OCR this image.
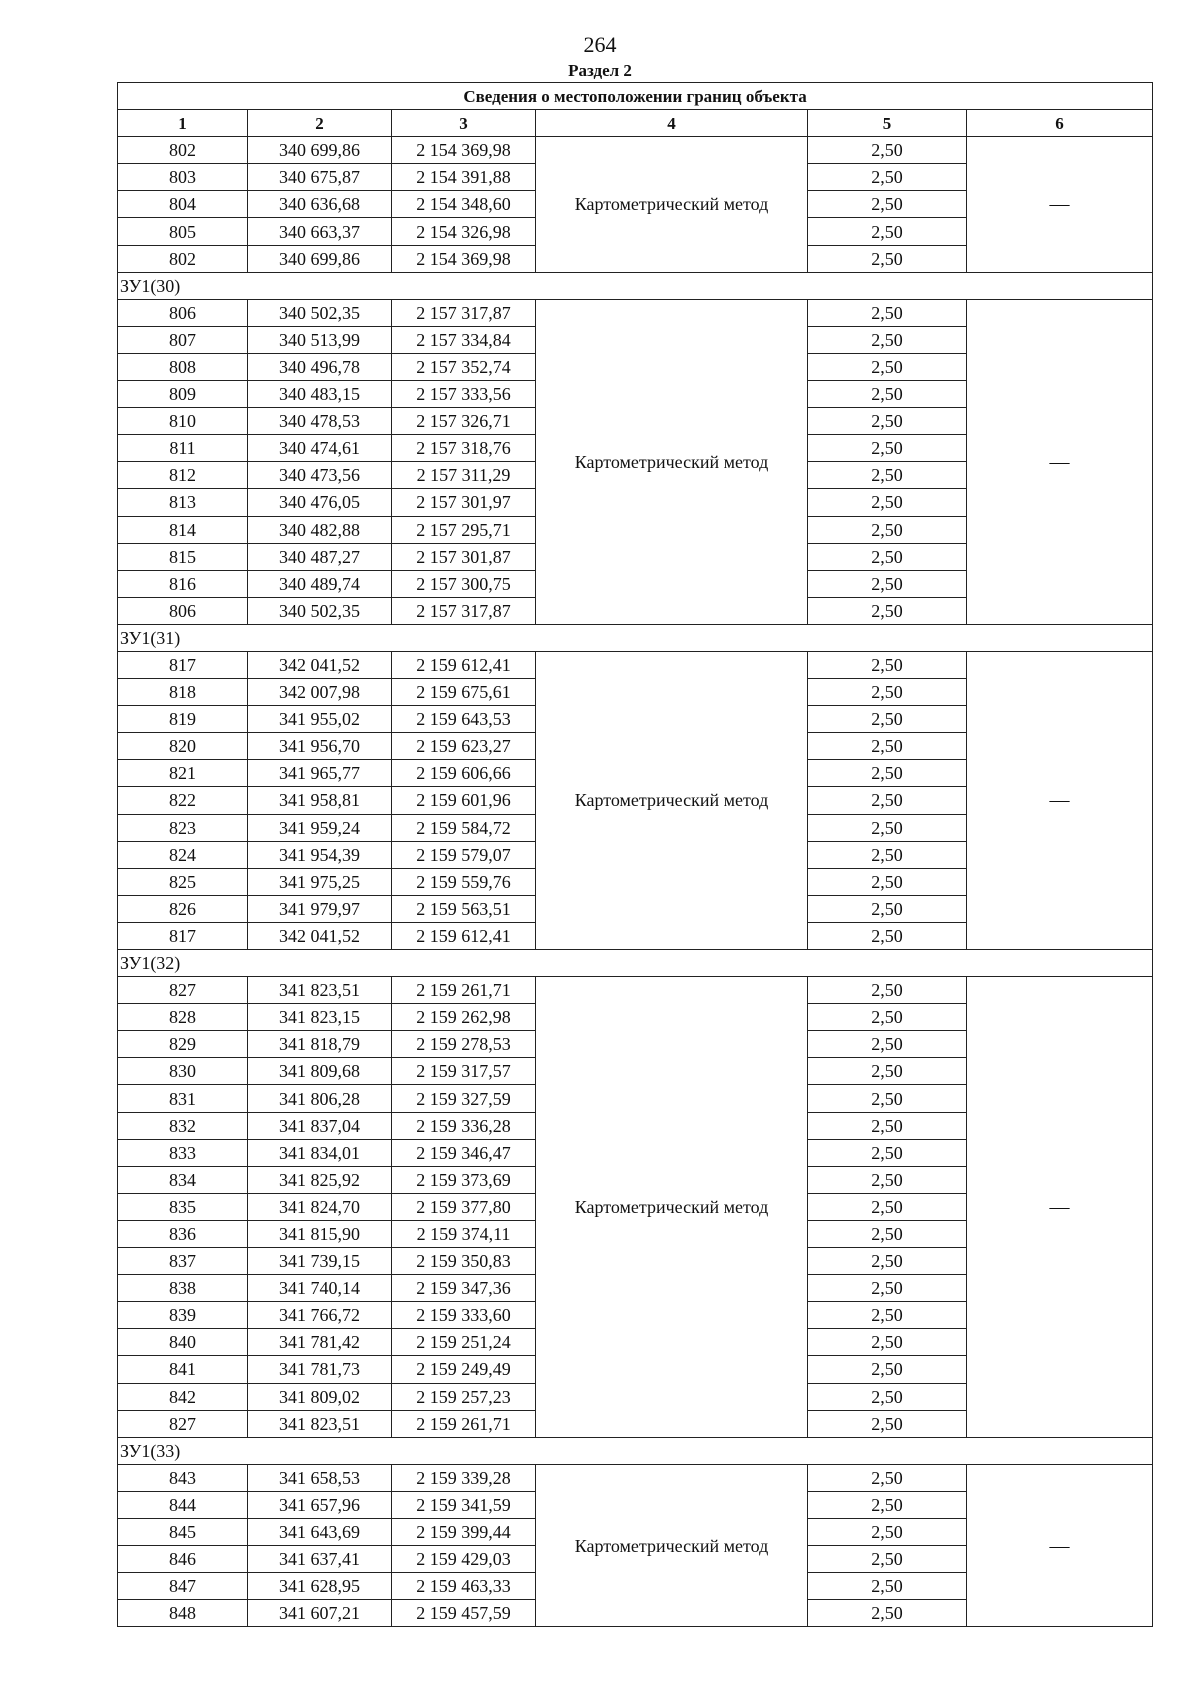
264
Раздел 2
Сведения о местоположении границ объекта					
1	2	3	4	5	6
802	340 699,86	2 154 369,98	Картометрический метод	2,50	—
803	340 675,87	2 154 391,88		2,50	
804	340 636,68	2 154 348,60		2,50	
805	340 663,37	2 154 326,98		2,50	
802	340 699,86	2 154 369,98		2,50	
ЗУ1(30)					
806	340 502,35	2 157 317,87	Картометрический метод	2,50	—
807	340 513,99	2 157 334,84		2,50	
808	340 496,78	2 157 352,74		2,50	
809	340 483,15	2 157 333,56		2,50	
810	340 478,53	2 157 326,71		2,50	
811	340 474,61	2 157 318,76		2,50	
812	340 473,56	2 157 311,29		2,50	
813	340 476,05	2 157 301,97		2,50	
814	340 482,88	2 157 295,71		2,50	
815	340 487,27	2 157 301,87		2,50	
816	340 489,74	2 157 300,75		2,50	
806	340 502,35	2 157 317,87		2,50	
ЗУ1(31)					
817	342 041,52	2 159 612,41	Картометрический метод	2,50	—
818	342 007,98	2 159 675,61		2,50	
819	341 955,02	2 159 643,53		2,50	
820	341 956,70	2 159 623,27		2,50	
821	341 965,77	2 159 606,66		2,50	
822	341 958,81	2 159 601,96		2,50	
823	341 959,24	2 159 584,72		2,50	
824	341 954,39	2 159 579,07		2,50	
825	341 975,25	2 159 559,76		2,50	
826	341 979,97	2 159 563,51		2,50	
817	342 041,52	2 159 612,41		2,50	
ЗУ1(32)					
827	341 823,51	2 159 261,71	Картометрический метод	2,50	—
828	341 823,15	2 159 262,98		2,50	
829	341 818,79	2 159 278,53		2,50	
830	341 809,68	2 159 317,57		2,50	
831	341 806,28	2 159 327,59		2,50	
832	341 837,04	2 159 336,28		2,50	
833	341 834,01	2 159 346,47		2,50	
834	341 825,92	2 159 373,69		2,50	
835	341 824,70	2 159 377,80		2,50	
836	341 815,90	2 159 374,11		2,50	
837	341 739,15	2 159 350,83		2,50	
838	341 740,14	2 159 347,36		2,50	
839	341 766,72	2 159 333,60		2,50	
840	341 781,42	2 159 251,24		2,50	
841	341 781,73	2 159 249,49		2,50	
842	341 809,02	2 159 257,23		2,50	
827	341 823,51	2 159 261,71		2,50	
ЗУ1(33)					
843	341 658,53	2 159 339,28	Картометрический метод	2,50	—
844	341 657,96	2 159 341,59		2,50	
845	341 643,69	2 159 399,44		2,50	
846	341 637,41	2 159 429,03		2,50	
847	341 628,95	2 159 463,33		2,50	
848	341 607,21	2 159 457,59		2,50	
